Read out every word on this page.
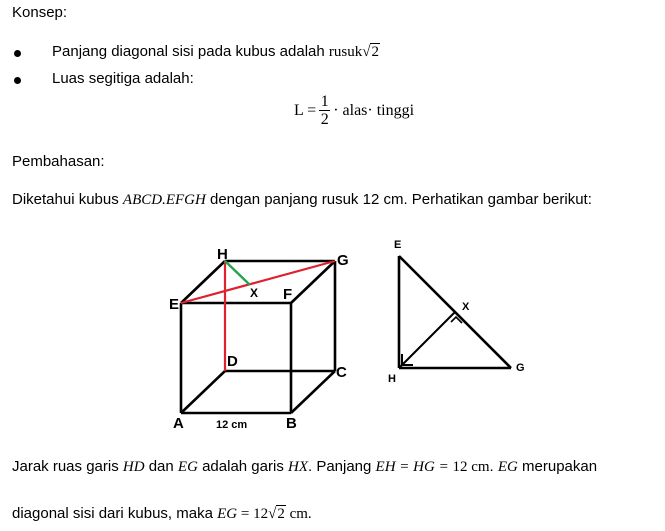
Konsep:
Panjang diagonal sisi pada kubus adalah rusuk√2
Luas segitiga adalah:
$L = \frac{1}{2}$ · alas· tinggi
Pembahasan:
Diketahui kubus ABCD.EFGH dengan panjang rusuk 12 cm. Perhatikan gambar berikut:
H	G
E
F
X
D
C
A	B
12 cm
E
H
G
X
Jarak ruas garis HD dan EG adalah garis HX. Panjang EH = HG = 12 cm. EG merupakan
diagonal sisi dari kubus, maka EG = 12√2 cm.
